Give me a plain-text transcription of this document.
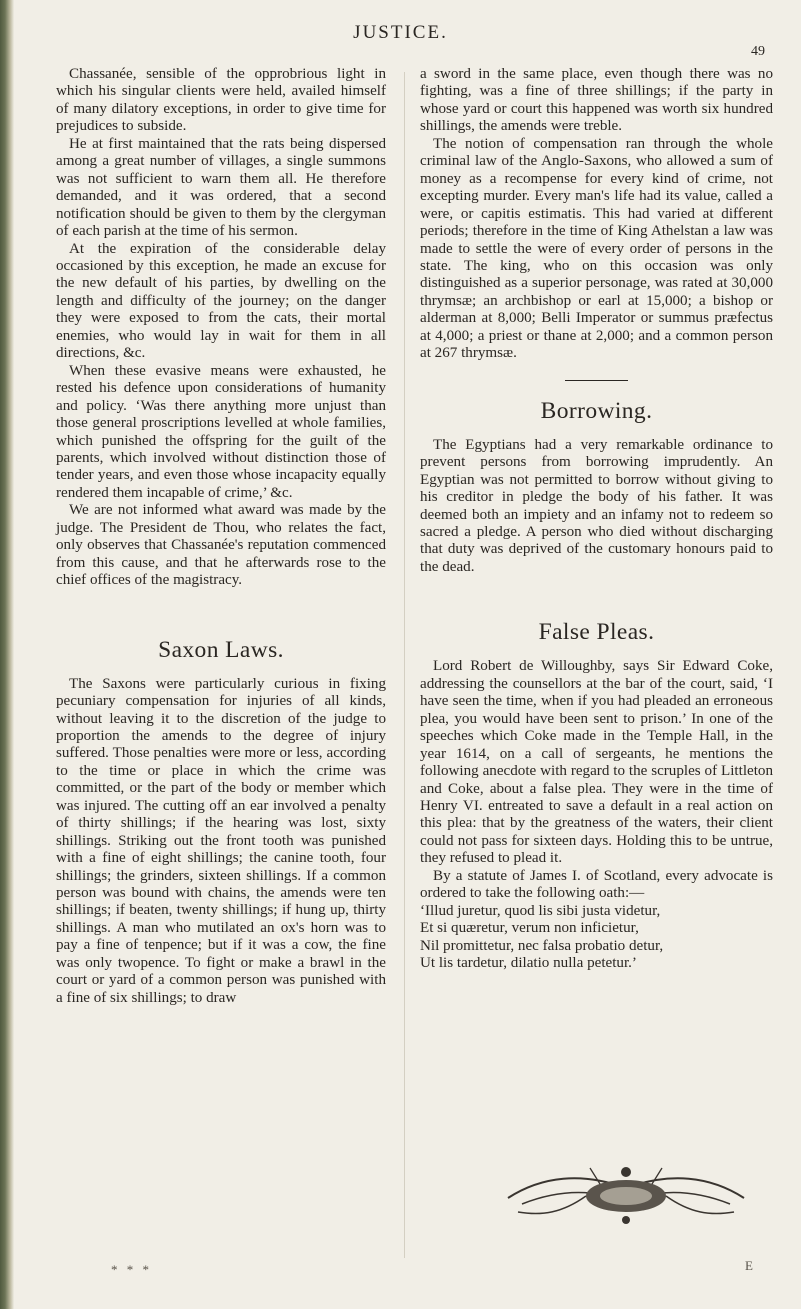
JUSTICE.
49

Chassanée, sensible of the opprobrious light in which his singular clients were held, availed himself of many dilatory exceptions, in order to give time for prejudices to subside.

He at first maintained that the rats being dispersed among a great number of villages, a single summons was not sufficient to warn them all. He therefore demanded, and it was ordered, that a second notification should be given to them by the clergyman of each parish at the time of his sermon.

At the expiration of the considerable delay occasioned by this exception, he made an excuse for the new default of his parties, by dwelling on the length and difficulty of the journey; on the danger they were exposed to from the cats, their mortal enemies, who would lay in wait for them in all directions, &c.

When these evasive means were exhausted, he rested his defence upon considerations of humanity and policy. ‘Was there anything more unjust than those general proscriptions levelled at whole families, which punished the offspring for the guilt of the parents, which involved without distinction those of tender years, and even those whose incapacity equally rendered them incapable of crime,’ &c.

We are not informed what award was made by the judge. The President de Thou, who relates the fact, only observes that Chassanée's reputation commenced from this cause, and that he afterwards rose to the chief offices of the magistracy.

Saxon Laws.

The Saxons were particularly curious in fixing pecuniary compensation for injuries of all kinds, without leaving it to the discretion of the judge to proportion the amends to the degree of injury suffered. Those penalties were more or less, according to the time or place in which the crime was committed, or the part of the body or member which was injured. The cutting off an ear involved a penalty of thirty shillings; if the hearing was lost, sixty shillings. Striking out the front tooth was punished with a fine of eight shillings; the canine tooth, four shillings; the grinders, sixteen shillings. If a common person was bound with chains, the amends were ten shillings; if beaten, twenty shillings; if hung up, thirty shillings. A man who mutilated an ox's horn was to pay a fine of tenpence; but if it was a cow, the fine was only twopence. To fight or make a brawl in the court or yard of a common person was punished with a fine of six shillings; to draw

a sword in the same place, even though there was no fighting, was a fine of three shillings; if the party in whose yard or court this happened was worth six hundred shillings, the amends were treble.

The notion of compensation ran through the whole criminal law of the Anglo-Saxons, who allowed a sum of money as a recompense for every kind of crime, not excepting murder. Every man's life had its value, called a were, or capitis estimatis. This had varied at different periods; therefore in the time of King Athelstan a law was made to settle the were of every order of persons in the state. The king, who on this occasion was only distinguished as a superior personage, was rated at 30,000 thrymsæ; an archbishop or earl at 15,000; a bishop or alderman at 8,000; Belli Imperator or summus præfectus at 4,000; a priest or thane at 2,000; and a common person at 267 thrymsæ.

Borrowing.

The Egyptians had a very remarkable ordinance to prevent persons from borrowing imprudently. An Egyptian was not permitted to borrow without giving to his creditor in pledge the body of his father. It was deemed both an impiety and an infamy not to redeem so sacred a pledge. A person who died without discharging that duty was deprived of the customary honours paid to the dead.

False Pleas.

Lord Robert de Willoughby, says Sir Edward Coke, addressing the counsellors at the bar of the court, said, ‘I have seen the time, when if you had pleaded an erroneous plea, you would have been sent to prison.’ In one of the speeches which Coke made in the Temple Hall, in the year 1614, on a call of sergeants, he mentions the following anecdote with regard to the scruples of Littleton and Coke, about a false plea. They were in the time of Henry VI. entreated to save a default in a real action on this plea: that by the greatness of the waters, their client could not pass for sixteen days. Holding this to be untrue, they refused to plead it.

By a statute of James I. of Scotland, every advocate is ordered to take the following oath:—

‘Illud juretur, quod lis sibi justa videtur,

Et si quæretur, verum non inficietur,

Nil promittetur, nec falsa probatio detur,

Ut lis tardetur, dilatio nulla petetur.’

* * *	E
